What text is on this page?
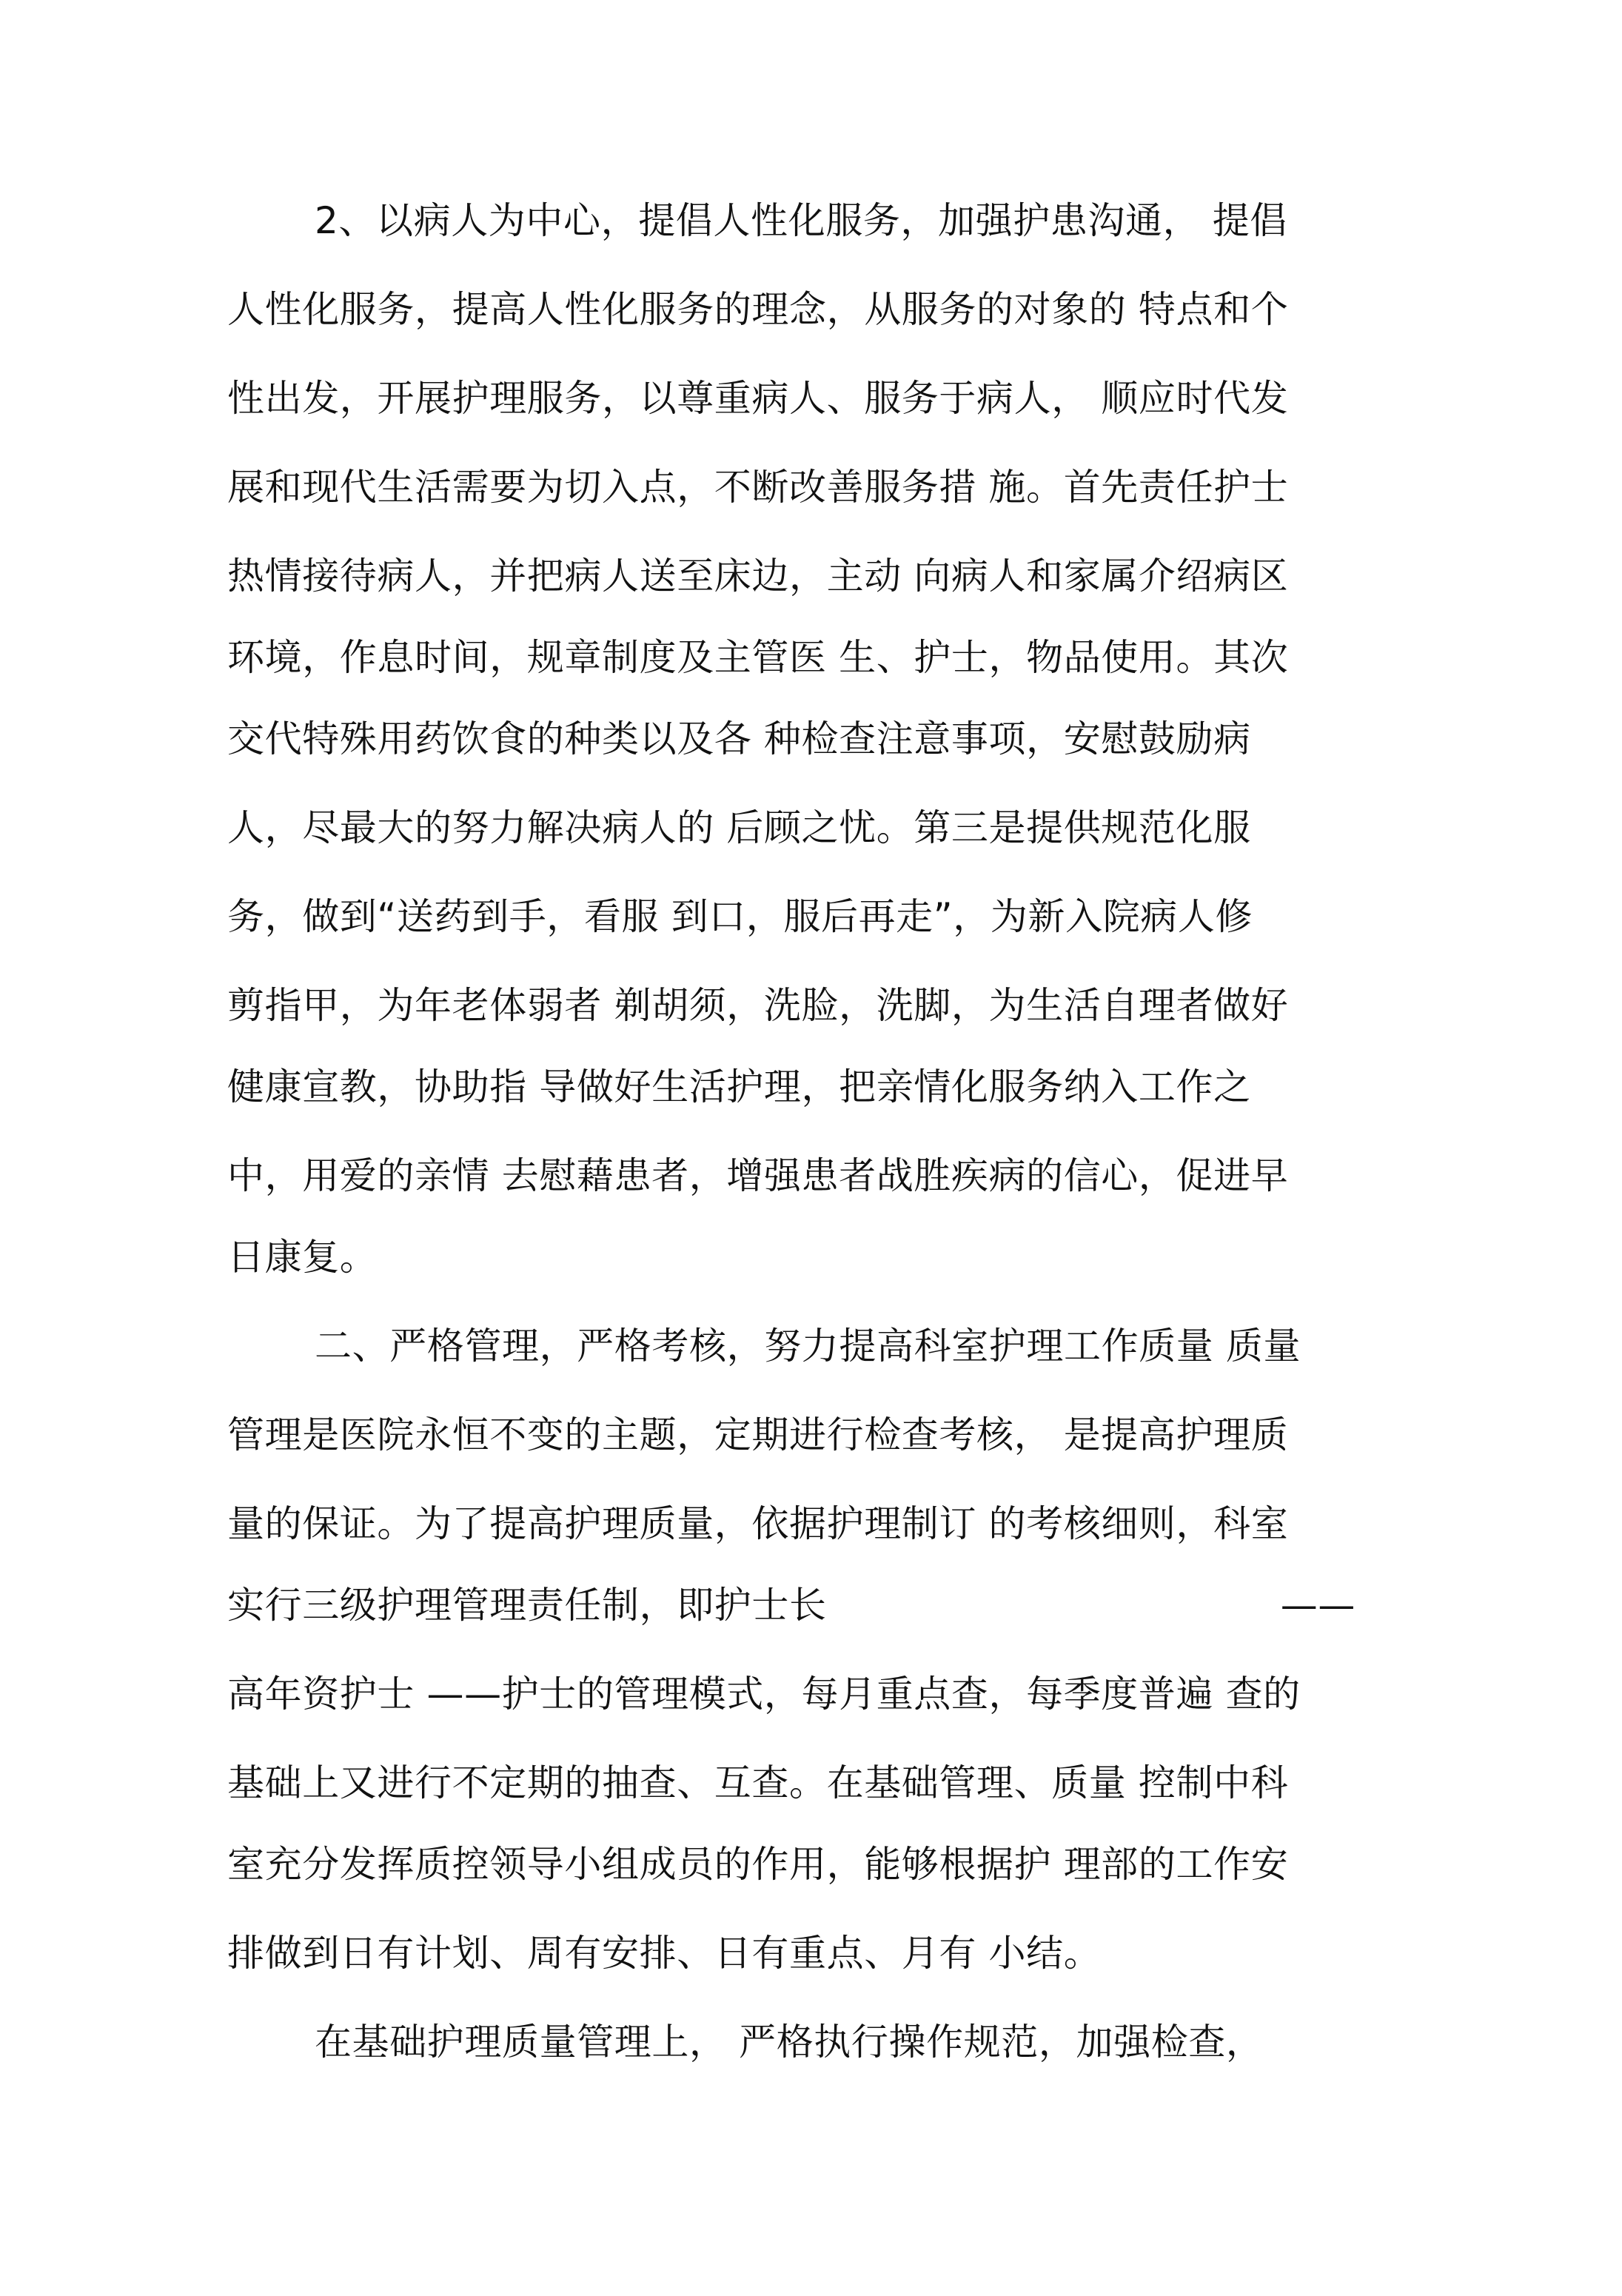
2、以病人为中心，提倡人性化服务，加强护患沟通， 提倡
人性化服务，提高人性化服务的理念，从服务的对象的 特点和个
性出发，开展护理服务，以尊重病人、服务于病人， 顺应时代发
展和现代生活需要为切入点，不断改善服务措 施。首先责任护士
热情接待病人，并把病人送至床边，主动 向病人和家属介绍病区
环境，作息时间，规章制度及主管医 生、护士，物品使用。其次
交代特殊用药饮食的种类以及各 种检查注意事项，安慰鼓励病
人，尽最大的努力解决病人的 后顾之忧。第三是提供规范化服
务，做到“送药到手，看服 到口，服后再走”，为新入院病人修
剪指甲，为年老体弱者 剃胡须，洗脸，洗脚，为生活自理者做好
健康宣教，协助指 导做好生活护理，把亲情化服务纳入工作之
中，用爱的亲情 去慰藉患者，增强患者战胜疾病的信心，促进早
日康复。
二、严格管理，严格考核，努力提高科室护理工作质量 质量
管理是医院永恒不变的主题，定期进行检查考核， 是提高护理质
量的保证。为了提高护理质量，依据护理制订 的考核细则，科室
实行三级护理管理责任制，即护士长	——
高年资护士 ——护士的管理模式，每月重点查，每季度普遍 查的
基础上又进行不定期的抽查、互查。在基础管理、质量 控制中科
室充分发挥质控领导小组成员的作用，能够根据护 理部的工作安
排做到日有计划、周有安排、日有重点、月有 小结。
在基础护理质量管理上， 严格执行操作规范，加强检查，
